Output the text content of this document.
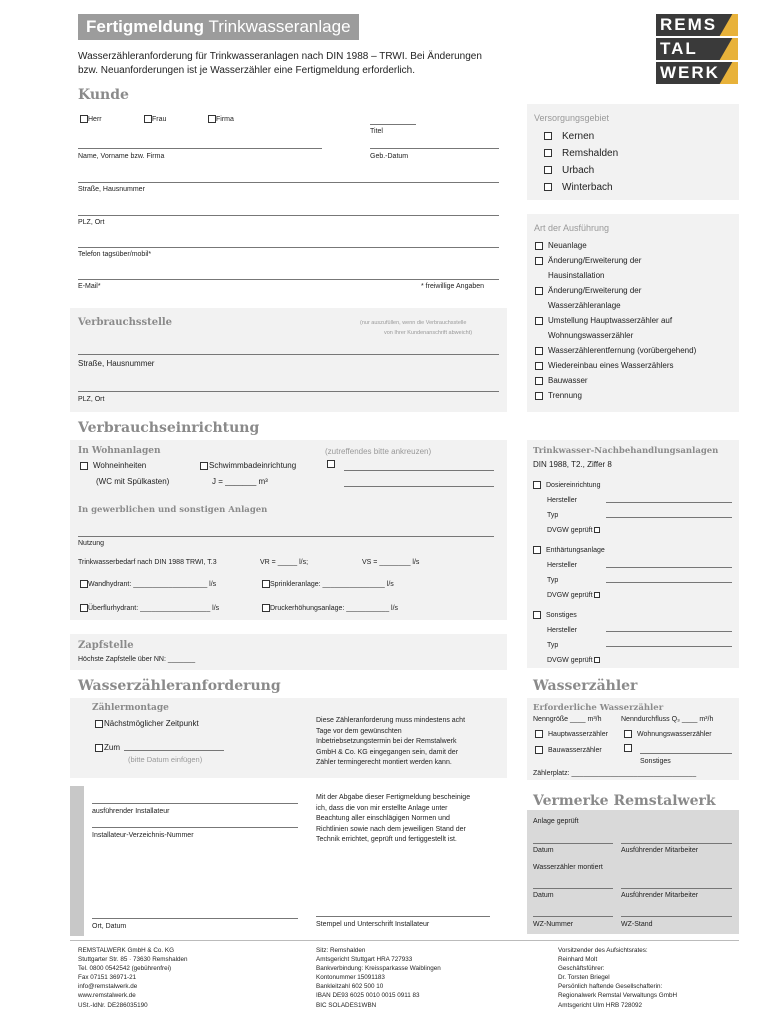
Fertigmeldung Trinkwasseranlage
Wasserzähleranforderung für Trinkwasseranlagen nach DIN 1988 – TRWI. Bei Änderungen
bzw. Neuanforderungen ist je Wasserzähler eine Fertigmeldung erforderlich.
REMS
TAL
WERK
Kunde
Herr	Frau	Firma
Titel
Name, Vorname bzw. Firma	Geb.-Datum
Straße, Hausnummer
PLZ, Ort
Telefon tagsüber/mobil*
E-Mail*	* freiwillige Angaben
Verbrauchsstelle	(nur auszufüllen, wenn die Verbrauchsstelle
von Ihrer Kundenanschrift abweicht)
Straße, Hausnummer
PLZ, Ort
Versorgungsgebiet
Kernen
Remshalden
Urbach
Winterbach
Art der Ausführung
Neuanlage
Änderung/Erweiterung der
Hausinstallation
Änderung/Erweiterung der
Wasserzähleranlage
Umstellung Hauptwasserzähler auf
Wohnungswasserzähler
Wasserzählerentfernung (vorübergehend)
Wiedereinbau eines Wasserzählers
Bauwasser
Trennung
Verbrauchseinrichtung
In Wohnanlagen	(zutreffendes bitte ankreuzen)
Wohneinheiten	Schwimmbadeinrichtung
(WC mit Spülkasten)	J = _______ m³
In gewerblichen und sonstigen Anlagen
Nutzung
Trinkwasserbedarf nach DIN 1988 TRWI, T.3	VR = _____ l/s;	VS = ________ l/s
Wandhydrant: ___________________ l/s	Sprinkleranlage: ________________ l/s
Überflurhydrant: __________________ l/s	Druckerhöhungsanlage: ___________ l/s
Trinkwasser-Nachbehandlungsanlagen
DIN 1988, T2., Ziffer 8
Dosiereinrichtung
Hersteller
Typ
DVGW geprüft
Enthärtungsanlage
Hersteller
Typ
DVGW geprüft
Sonstiges
Hersteller
Typ
DVGW geprüft
Zapfstelle
Höchste Zapfstelle über NN: _______
Wasserzähleranforderung
Zählermontage
Nächstmöglicher Zeitpunkt
Zum
(bitte Datum einfügen)
Diese Zähleranforderung muss mindestens acht
Tage vor dem gewünschten
Inbetriebsetzungstermin bei der Remstalwerk
GmbH & Co. KG eingegangen sein, damit der
Zähler termingerecht montiert werden kann.
ausführender Installateur
Installateur-Verzeichnis-Nummer
Mit der Abgabe dieser Fertigmeldung bescheinige
ich, dass die von mir erstellte Anlage unter
Beachtung aller einschlägigen Normen und
Richtlinien sowie nach dem jeweiligen Stand der
Technik errichtet, geprüft und fertiggestellt ist.
Ort, Datum	Stempel und Unterschrift Installateur
Wasserzähler
Erforderliche Wasserzähler
Nenngröße ____ m³/h	Nenndurchfluss Q₃ ____ m³/h
Hauptwasserzähler	Wohnungswasserzähler
Bauwasserzähler
Sonstiges
Zählerplatz: ________________________________
Vermerke Remstalwerk
Anlage geprüft
Datum	Ausführender Mitarbeiter
Wasserzähler montiert
Datum	Ausführender Mitarbeiter
WZ-Nummer	WZ-Stand
REMSTALWERK GmbH & Co. KG
Stuttgarter Str. 85 · 73630 Remshalden
Tel. 0800 0542542 (gebührenfrei)
Fax 07151 36971-21
info@remstalwerk.de
www.remstalwerk.de
USt.-IdNr. DE286035190
Sitz: Remshalden
Amtsgericht Stuttgart HRA 727933
Bankverbindung: Kreissparkasse Waiblingen
Kontonummer 15091183
Bankleitzahl 602 500 10
IBAN DE93 6025 0010 0015 0911 83
BIC SOLADES1WBN
Vorsitzender des Aufsichtsrates:
Reinhard Molt
Geschäftsführer:
Dr. Torsten Briegel
Persönlich haftende Gesellschafterin:
Regionalwerk Remstal Verwaltungs GmbH
Amtsgericht Ulm HRB 728092
